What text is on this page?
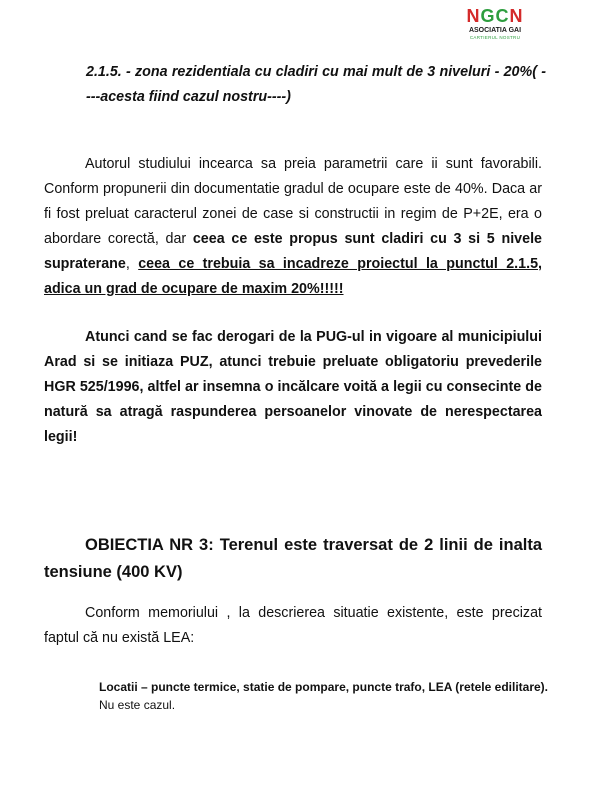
NGCN
ASOCIATIA GAI
CARTIERUL NOSTRU
2.1.5. - zona rezidentiala cu cladiri cu mai mult de 3 niveluri - 20%( ----acesta fiind cazul nostru----)
Autorul studiului incearca sa preia parametrii care ii sunt favorabili. Conform propunerii din documentatie gradul de ocupare este de 40%. Daca ar fi fost preluat caracterul zonei de case si constructii in regim de P+2E, era o abordare corectă, dar ceea ce este propus sunt cladiri cu 3 si 5 nivele supraterane, ceea ce trebuia sa incadreze proiectul la punctul 2.1.5, adica un grad de ocupare de maxim 20%!!!!!
Atunci cand se fac derogari de la PUG-ul in vigoare al municipiului Arad si se initiaza PUZ, atunci trebuie preluate obligatoriu prevederile HGR 525/1996, altfel ar insemna o incălcare voită a legii cu consecinte de natură sa atragă raspunderea persoanelor vinovate de nerespectarea legii!
OBIECTIA NR 3: Terenul este traversat de 2 linii de inalta tensiune (400 KV)
Conform memoriului , la descrierea situatie existente, este precizat faptul că nu există LEA:
Locatii – puncte termice, statie de pompare, puncte trafo, LEA (retele edilitare).
Nu este cazul.
